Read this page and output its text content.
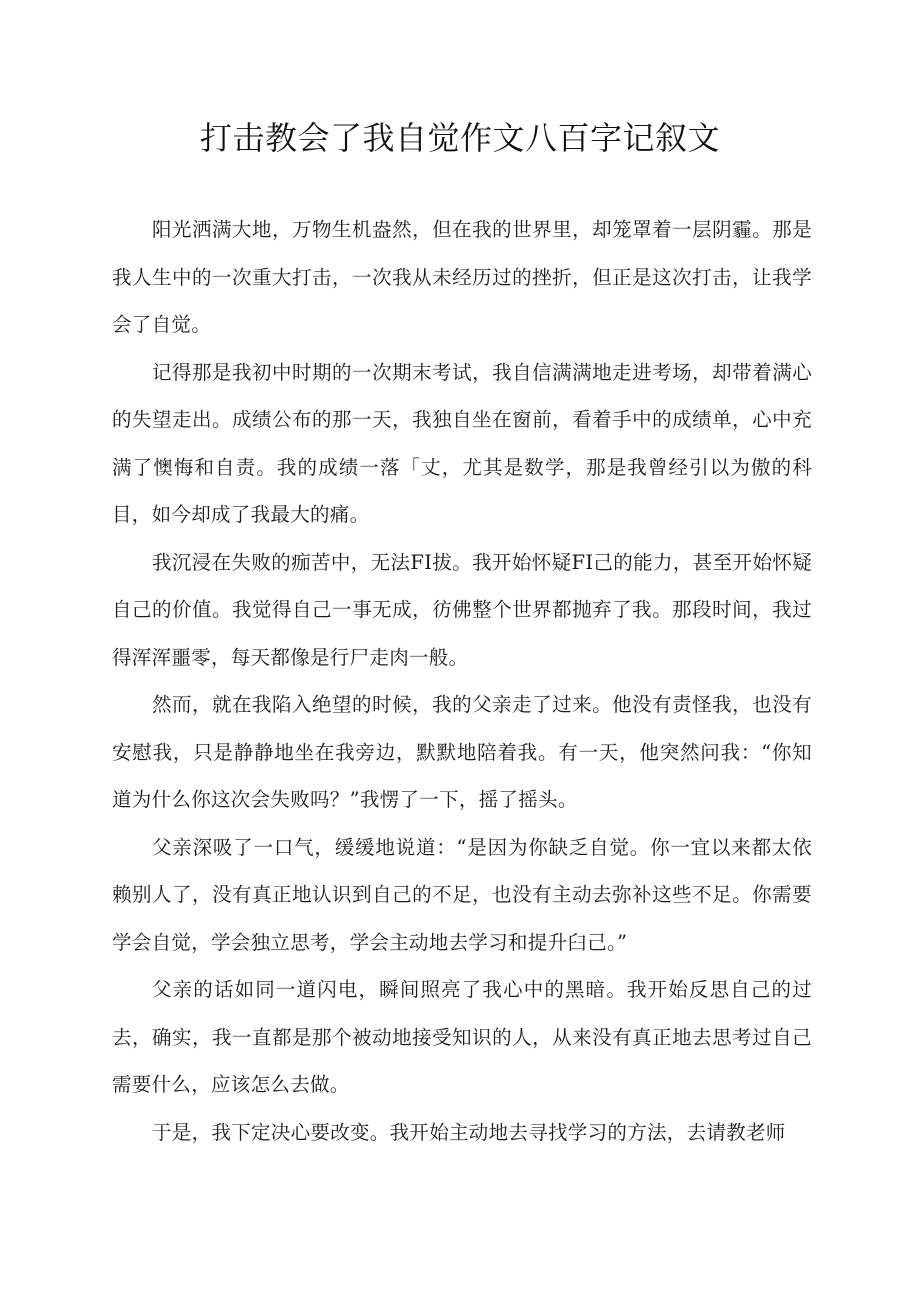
打击教会了我自觉作文八百字记叙文

阳光洒满大地，万物生机盎然，但在我的世界里，却笼罩着一层阴霾。那是我人生中的一次重大打击，一次我从未经历过的挫折，但正是这次打击，让我学会了自觉。

记得那是我初中时期的一次期末考试，我自信满满地走进考场，却带着满心的失望走出。成绩公布的那一天，我独自坐在窗前，看着手中的成绩单，心中充满了懊悔和自责。我的成绩一落「丈，尤其是数学，那是我曾经引以为傲的科目，如今却成了我最大的痛。

我沉浸在失败的痂苦中，无法FI拔。我开始怀疑FI己的能力，甚至开始怀疑自己的价值。我觉得自己一事无成，彷佛整个世界都抛弃了我。那段时间，我过得浑浑噩零，每天都像是行尸走肉一般。

然而，就在我陷入绝望的时候，我的父亲走了过来。他没有责怪我，也没有安慰我，只是静静地坐在我旁边，默默地陪着我。有一天，他突然问我：“你知道为什么你这次会失败吗？”我愣了一下，摇了摇头。

父亲深吸了一口气，缓缓地说道：“是因为你缺乏自觉。你一宜以来都太依赖别人了，没有真正地认识到自己的不足，也没有主动去弥补这些不足。你需要学会自觉，学会独立思考，学会主动地去学习和提升臼己。”

父亲的话如同一道闪电，瞬间照亮了我心中的黑暗。我开始反思自己的过去，确实，我一直都是那个被动地接受知识的人，从来没有真正地去思考过自己需要什么，应该怎么去做。

于是，我下定决心要改变。我开始主动地去寻找学习的方法，去请教老师
